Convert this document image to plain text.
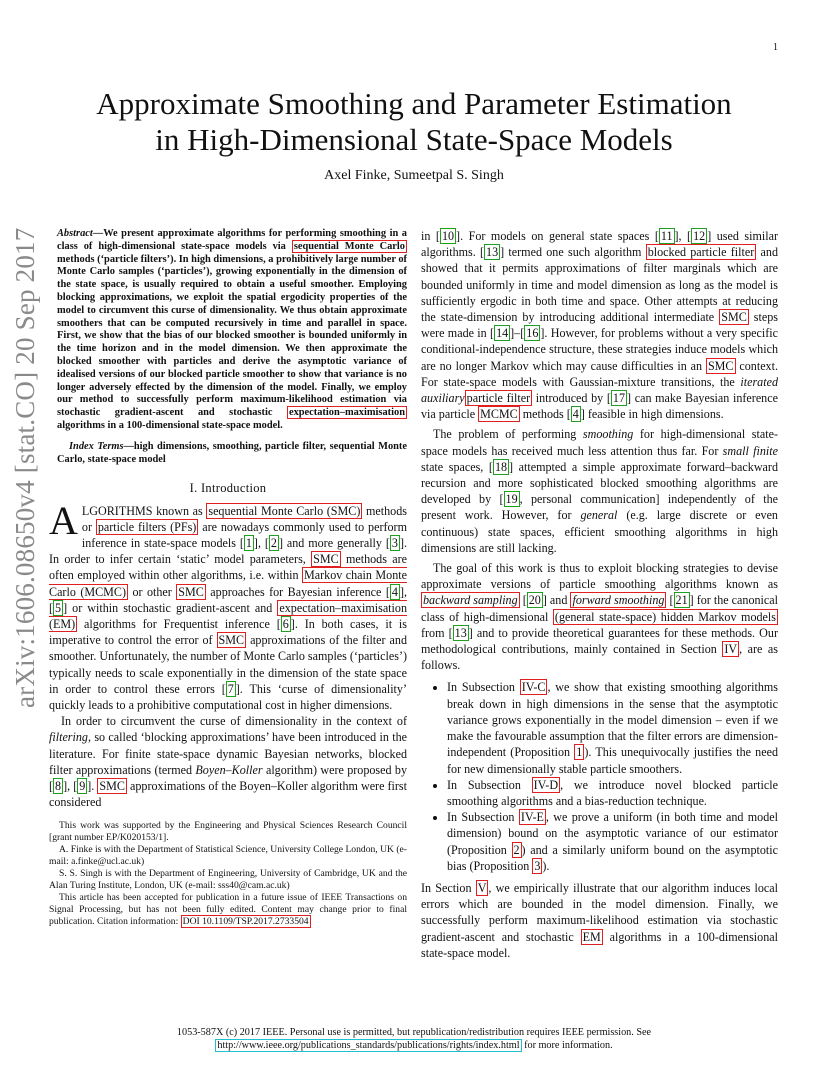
1
arXiv:1606.08650v4 [stat.CO] 20 Sep 2017
Approximate Smoothing and Parameter Estimation
in High-Dimensional State-Space Models
Axel Finke, Sumeetpal S. Singh

Abstract—We present approximate algorithms for performing smoothing in a class of high-dimensional state-space models via sequential Monte Carlo methods (‘particle filters’). In high dimensions, a prohibitively large number of Monte Carlo samples (‘particles’), growing exponentially in the dimension of the state space, is usually required to obtain a useful smoother. Employing blocking approximations, we exploit the spatial ergodicity properties of the model to circumvent this curse of dimensionality. We thus obtain approximate smoothers that can be computed recursively in time and parallel in space. First, we show that the bias of our blocked smoother is bounded uniformly in the time horizon and in the model dimension. We then approximate the blocked smoother with particles and derive the asymptotic variance of idealised versions of our blocked particle smoother to show that variance is no longer adversely effected by the dimension of the model. Finally, we employ our method to successfully perform maximum-likelihood estimation via stochastic gradient-ascent and stochastic expectation–maximisation algorithms in a 100-dimensional state-space model.

Index Terms—high dimensions, smoothing, particle filter, sequential Monte Carlo, state-space model

I. Introduction

ALGORITHMS known as sequential Monte Carlo (SMC) methods or particle filters (PFs) are nowadays commonly used to perform inference in state-space models [ 1 ], [ 2 ] and more generally [ 3 ]. In order to infer certain ‘static’ model parameters, SMC methods are often employed within other algorithms, i.e. within Markov chain Monte Carlo (MCMC) or other SMC approaches for Bayesian inference [ 4 ], [ 5 ] or within stochastic gradient-ascent and expectation–maximisation (EM) algorithms for Frequentist inference [ 6 ]. In both cases, it is imperative to control the error of SMC approximations of the filter and smoother. Unfortunately, the number of Monte Carlo samples (‘particles’) typically needs to scale exponentially in the dimension of the state space in order to control these errors [ 7 ]. This ‘curse of dimensionality’ quickly leads to a prohibitive computational cost in higher dimensions.

In order to circumvent the curse of dimensionality in the context of filtering, so called ‘blocking approximations’ have been introduced in the literature. For finite state-space dynamic Bayesian networks, blocked filter approximations (termed Boyen–Koller algorithm) were proposed by [ 8 ], [ 9 ]. SMC approximations of the Boyen–Koller algorithm were first considered

This work was supported by the Engineering and Physical Sciences Research Council [grant number EP/K020153/1].

A. Finke is with the Department of Statistical Science, University College London, UK (e-mail: a.finke@ucl.ac.uk)

S. S. Singh is with the Department of Engineering, University of Cambridge, UK and the Alan Turing Institute, London, UK (e-mail: sss40@cam.ac.uk)

This article has been accepted for publication in a future issue of IEEE Transactions on Signal Processing, but has not been fully edited. Content may change prior to final publication. Citation information: DOI 10.1109/TSP.2017.2733504

in [ 10 ]. For models on general state spaces [ 11 ], [ 12 ] used similar algorithms. [ 13 ] termed one such algorithm blocked particle filter and showed that it permits approximations of filter marginals which are bounded uniformly in time and model dimension as long as the model is sufficiently ergodic in both time and space. Other attempts at reducing the state-dimension by introducing additional intermediate SMC steps were made in [ 14 ]–[ 16 ]. However, for problems without a very specific conditional-independence structure, these strategies induce models which are no longer Markov which may cause difficulties in an SMC context. For state-space models with Gaussian-mixture transitions, the iterated auxiliary particle filter introduced by [ 17 ] can make Bayesian inference via particle MCMC methods [ 4 ] feasible in high dimensions.

The problem of performing smoothing for high-dimensional state-space models has received much less attention thus far. For small finite state spaces, [ 18 ] attempted a simple approximate forward–backward recursion and more sophisticated blocked smoothing algorithms are developed by [ 19 , personal communication] independently of the present work. However, for general (e.g. large discrete or even continuous) state spaces, efficient smoothing algorithms in high dimensions are still lacking.

The goal of this work is thus to exploit blocking strategies to devise approximate versions of particle smoothing algorithms known as backward sampling [ 20 ] and forward smoothing [ 21 ] for the canonical class of high-dimensional (general state-space) hidden Markov models from [ 13 ] and to provide theoretical guarantees for these methods. Our methodological contributions, mainly contained in Section IV , are as follows.

• In Subsection IV-C , we show that existing smoothing algorithms break down in high dimensions in the sense that the asymptotic variance grows exponentially in the model dimension – even if we make the favourable assumption that the filter errors are dimension-independent (Proposition 1 ). This unequivocally justifies the need for new dimensionally stable particle smoothers.
• In Subsection IV-D , we introduce novel blocked particle smoothing algorithms and a bias-reduction technique.
• In Subsection IV-E , we prove a uniform (in both time and model dimension) bound on the asymptotic variance of our estimator (Proposition 2 ) and a similarly uniform bound on the asymptotic bias (Proposition 3 ).

In Section V , we empirically illustrate that our algorithm induces local errors which are bounded in the model dimension. Finally, we successfully perform maximum-likelihood estimation via stochastic gradient-ascent and stochastic EM algorithms in a 100-dimensional state-space model.

1053-587X (c) 2017 IEEE. Personal use is permitted, but republication/redistribution requires IEEE permission. See
http://www.ieee.org/publications_standards/publications/rights/index.html for more information.
